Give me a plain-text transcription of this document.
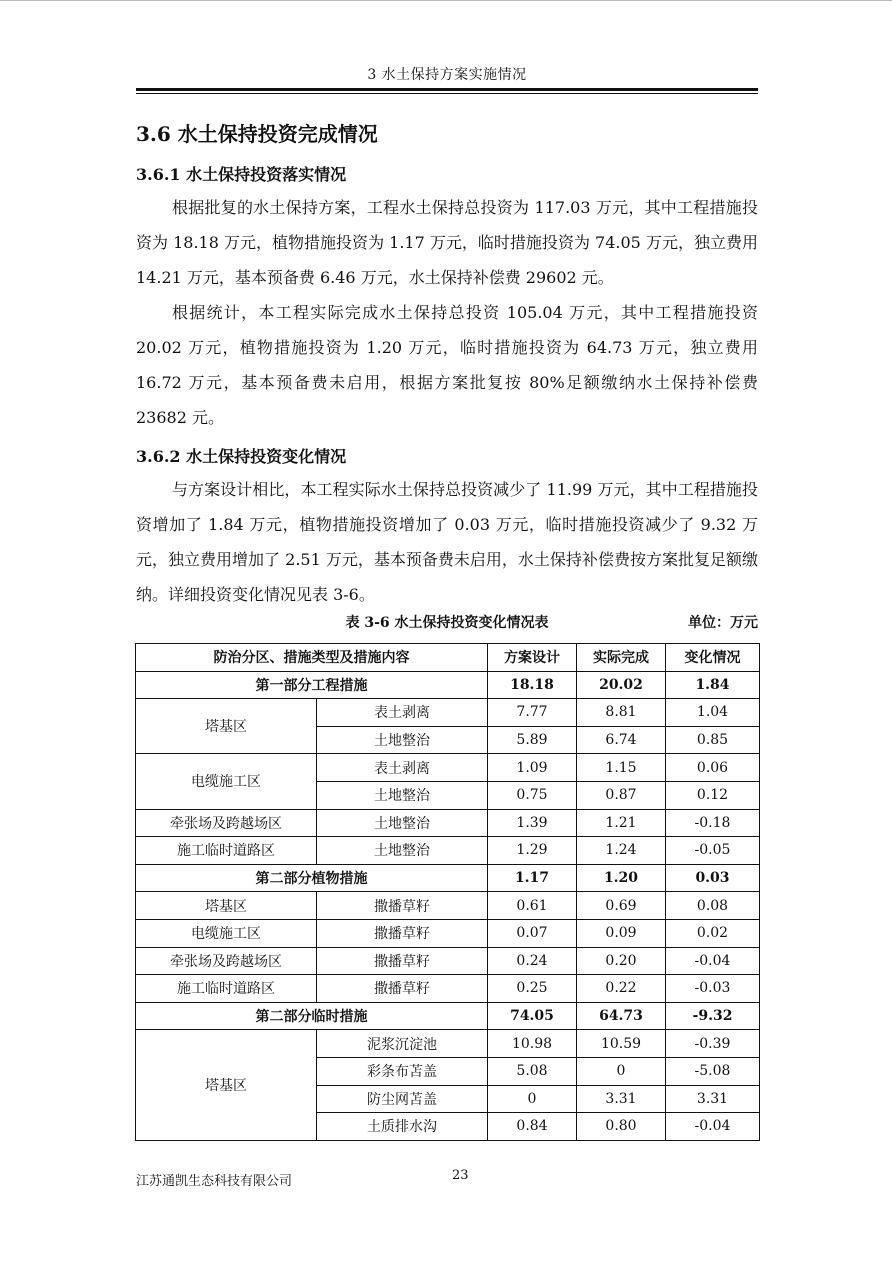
3 水土保持方案实施情况
3.6 水土保持投资完成情况
3.6.1 水土保持投资落实情况
根据批复的水土保持方案，工程水土保持总投资为 117.03 万元，其中工程措施投资为 18.18 万元，植物措施投资为 1.17 万元，临时措施投资为 74.05 万元，独立费用 14.21 万元，基本预备费 6.46 万元，水土保持补偿费 29602 元。
根据统计，本工程实际完成水土保持总投资 105.04 万元，其中工程措施投资 20.02 万元，植物措施投资为 1.20 万元，临时措施投资为 64.73 万元，独立费用 16.72 万元，基本预备费未启用，根据方案批复按 80%足额缴纳水土保持补偿费 23682 元。
3.6.2 水土保持投资变化情况
与方案设计相比，本工程实际水土保持总投资减少了 11.99 万元，其中工程措施投资增加了 1.84 万元，植物措施投资增加了 0.03 万元，临时措施投资减少了 9.32 万元，独立费用增加了 2.51 万元，基本预备费未启用，水土保持补偿费按方案批复足额缴纳。详细投资变化情况见表 3-6。
表 3-6 水土保持投资变化情况表	单位：万元
防治分区、措施类型及措施内容		方案设计	实际完成	变化情况
第一部分工程措施		18.18	20.02	1.84
塔基区	表土剥离	7.77	8.81	1.04
	土地整治	5.89	6.74	0.85
电缆施工区	表土剥离	1.09	1.15	0.06
	土地整治	0.75	0.87	0.12
牵张场及跨越场区	土地整治	1.39	1.21	-0.18
施工临时道路区	土地整治	1.29	1.24	-0.05
第二部分植物措施		1.17	1.20	0.03
塔基区	撒播草籽	0.61	0.69	0.08
电缆施工区	撒播草籽	0.07	0.09	0.02
牵张场及跨越场区	撒播草籽	0.24	0.20	-0.04
施工临时道路区	撒播草籽	0.25	0.22	-0.03
第二部分临时措施		74.05	64.73	-9.32
塔基区	泥浆沉淀池	10.98	10.59	-0.39
	彩条布苫盖	5.08	0	-5.08
	防尘网苫盖	0	3.31	3.31
	土质排水沟	0.84	0.80	-0.04
江苏通凯生态科技有限公司	23
